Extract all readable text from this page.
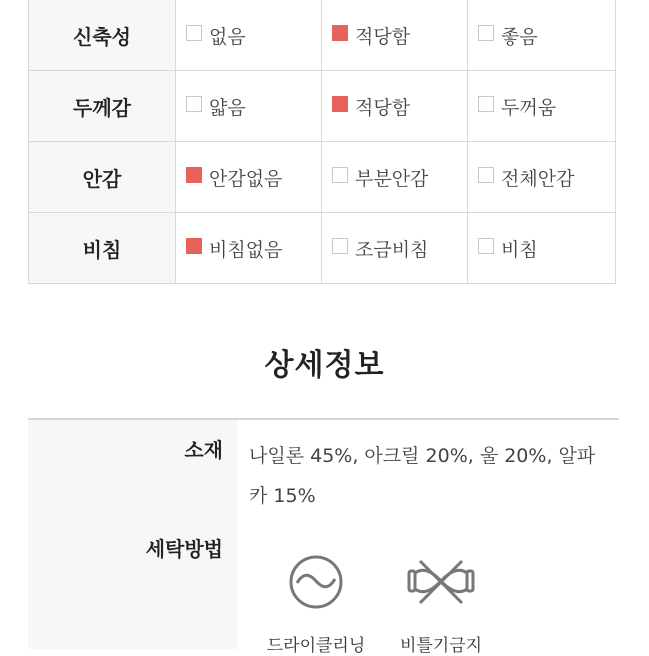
신축성	없음	적당함	좋음
두께감	얇음	적당함	두꺼움
안감	안감없음	부분안감	전체안감
비침	비침없음	조금비침	비침
상세정보
소재 나일론 45%, 아크릴 20%, 울 20%, 알파카 15%
세탁방법
드라이클리닝	비틀기금지
